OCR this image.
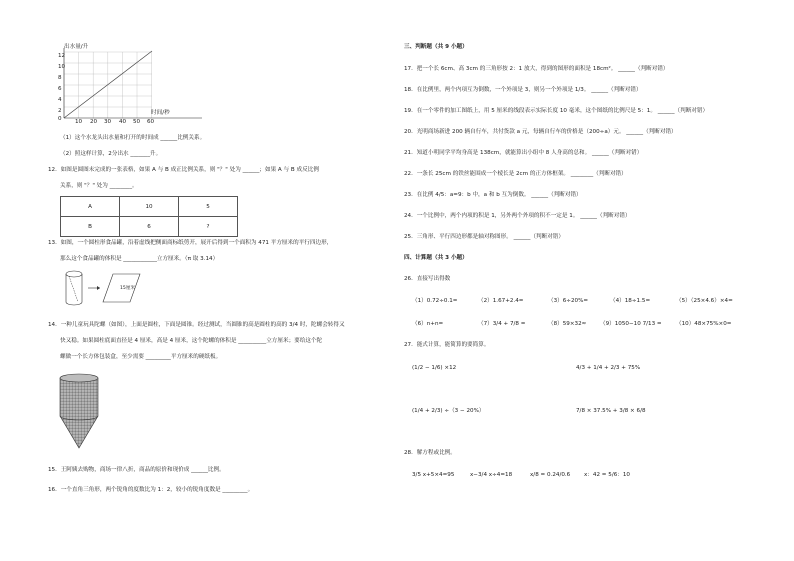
出水量/升
时间/秒
12
10
8
6
4
2
0 10 20 30 40 50 60
（1）这个水龙头出水量和打开的时间成 ______比例关系。
（2）照这样计算，2分出水 _______升。
12．如图是圆图未完成的一张表格，如果 A 与 B 成正比例关系，则 "？" 处为 ______；如果 A 与 B 成反比例
关系，则 "？" 处为 ________。
A	10	5
B	6	?
13．如图，一个圆柱形食品罐，沿着虚线把侧面商标纸剪开，展开后得到一个面积为 471 平方厘米的平行四边形，
那么这个食品罐的体积是 ____________立方厘米。（π 取 3.14）
15厘米
14．一种儿童玩具陀螺（如图），上面是圆柱，下面是圆锥。经过测试，当圆锥的高是圆柱的高的 3/4 时，陀螺会转得又
快又稳。如果圆柱底面直径是 4 厘米，高是 4 厘米，这个陀螺的体积是 __________立方厘米；要给这个陀
螺做一个长方体包装盒，至少需要 _________平方厘米的硬纸板。
15．王阿姨去购物，商场一律八折，商品的原价和现价成 ______比例。
16．一个直角三角形，两个锐角的度数比为 1：2，较小的锐角度数是 _________。
三、判断题（共 9 小题）
17．把一个长 6cm、高 3cm 的三角形按 2：1 放大，得到的图形的面积是 18cm²。 ______（判断对错）
18．在比例里，两个内项互为倒数，一个外项是 3，则另一个外项是 1/3。 ______（判断对错）
19．在一个零件的加工图纸上，用 5 厘米的线段表示实际长度 10 毫米，这个图纸的比例尺是 5：1。 ______（判断对错）
20．光明商场新进 200 辆自行车，共付货款 a 元，每辆自行车的价格是（200÷a）元。 ______（判断对错）
21．知道小明同学平均身高是 138cm，就能算出小组中 8 人身高的总和。 ______（判断对错）
22．一条长 25cm 的铁丝能围成一个棱长是 2cm 的正方体框架。 ________（判断对错）
23．在比例 4/5：a=9：b 中，a 和 b 互为倒数。 ______（判断对错）
24．一个比例中，两个内项的积是 1，另外两个外项的积不一定是 1。 ______（判断对错）
25．三角形、平行四边形都是轴对称图形。 ______（判断对错）
四、计算题（共 3 小题）
26．直接写出得数
（1）0.72÷0.1=	（2）1.67+2.4=	（3）6÷20%=	（4）18÷1.5=	（5）（25×4.6）×4=
（6）n+n=	（7）3/4 + 7/8 =	（8）59×32≈ （9）1050−10 7/13 =	（10）48×75%×0=
27．能式计算，能简算的要简算。
(1/2 − 1/6) ×12	4/3 + 1/4 + 2/3 + 75%
(1/4 + 2/3) ÷（3 − 20%）	7/8 × 37.5% + 3/8 × 6/8
28．解方程或比例。
3/5 x+5×4=95	x−3/4 x÷4=18	x/8 = 0.24/0.6 x：42 = 5/6：10
